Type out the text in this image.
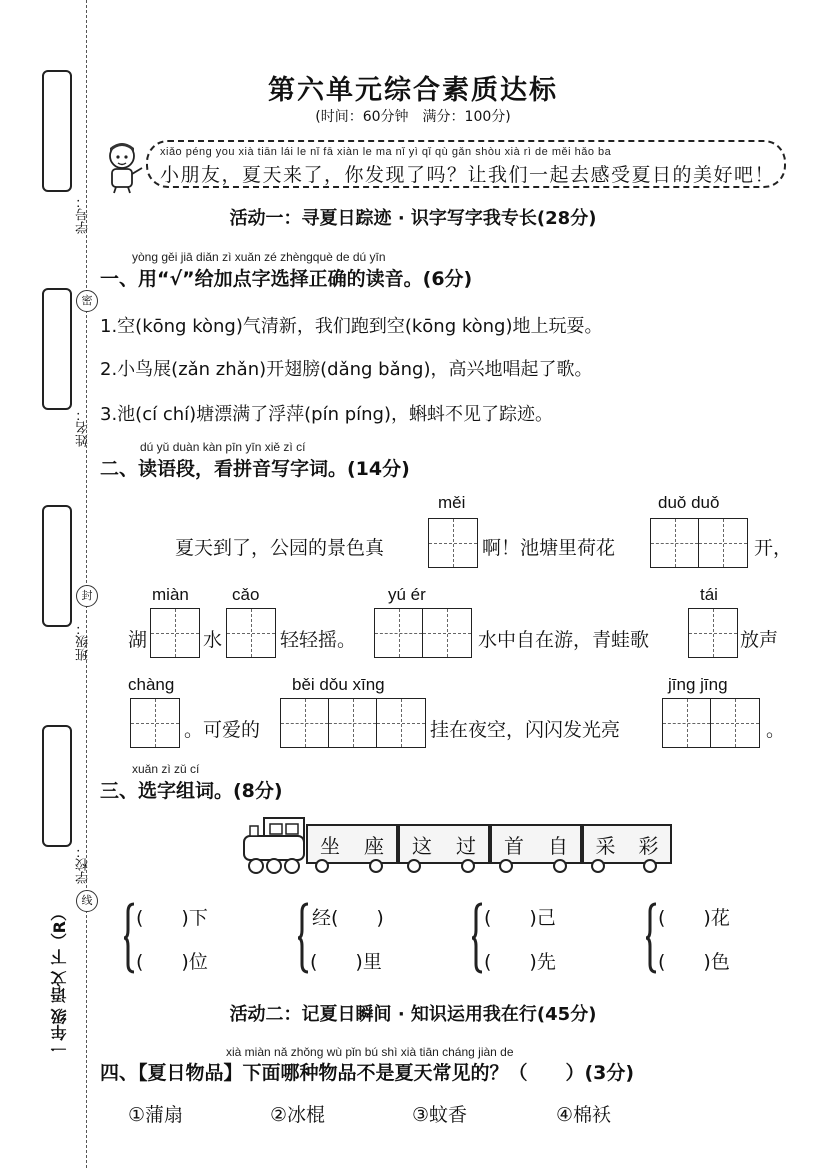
学号：
姓名：
班级：
学校：
密
封
线
一年级 语文 下（R）
第六单元综合素质达标
(时间：60分钟　满分：100分)
xiǎo péng you xià tiān lái le nǐ fā xiàn le ma nǐ yì qǐ qù gǎn shòu xià rì de měi hǎo ba
小朋友，夏天来了，你发现了吗？让我们一起去感受夏日的美好吧！
活动一：寻夏日踪迹 · 识字写字我专长(28分)
yòng gěi jiā diǎn zì xuǎn zé zhèngquè de dú yīn
一、用“√”给加点字选择正确的读音。(6分)
1.空(kōng kòng)气清新，我们跑到空(kōng kòng)地上玩耍。
2.小鸟展(zǎn zhǎn)开翅膀(dǎng bǎng)，高兴地唱起了歌。
3.池(cí chí)塘漂满了浮萍(pín píng)，蝌蚪不见了踪迹。
dú yǔ duàn kàn pīn yīn xiě zì cí
二、读语段，看拼音写字词。(14分)
měi	duǒ duǒ
夏天到了，公园的景色真	啊！池塘里荷花	开，
miàn	cǎo	yú ér	tái
湖	水	轻轻摇。	水中自在游，青蛙歌	放声
chàng	běi dǒu xīng	jīng jīng
。可爱的	挂在夜空，闪闪发光亮	。
xuǎn zì zǔ cí
三、选字组词。(8分)
坐 座 这 过 首 自 采 彩
(　　)下
(　　)位
经(　　)
(　　)里
(　　)己
(　　)先
(　　)花
(　　)色
活动二：记夏日瞬间 · 知识运用我在行(45分)
xià miàn nǎ zhǒng wù pǐn bú shì xià tiān cháng jiàn de
四、【夏日物品】下面哪种物品不是夏天常见的？（　　）(3分)
①蒲扇	②冰棍	③蚊香	④棉袄
